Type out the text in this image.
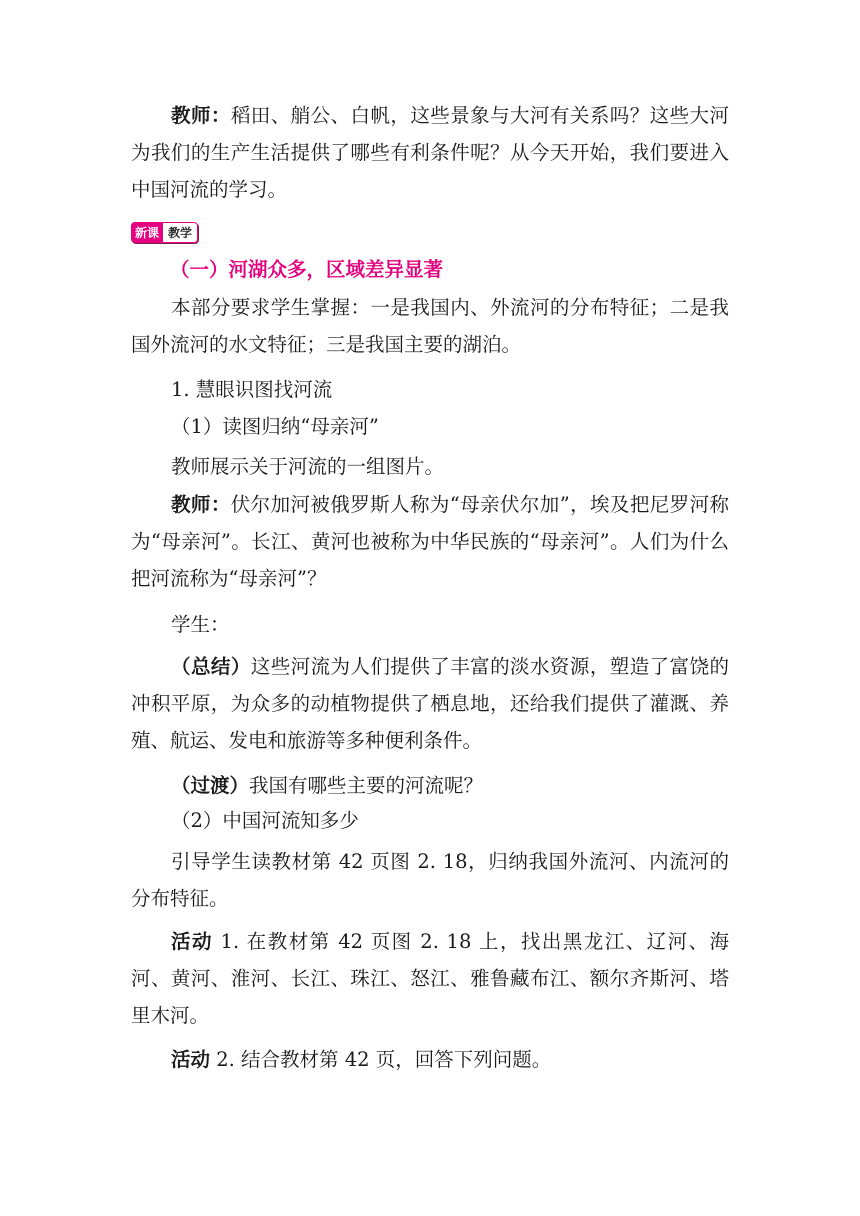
教师：稻田、艄公、白帆，这些景象与大河有关系吗？这些大河为我们的生产生活提供了哪些有利条件呢？从今天开始，我们要进入中国河流的学习。

新课 教学
（一）河湖众多，区域差异显著

本部分要求学生掌握：一是我国内、外流河的分布特征；二是我国外流河的水文特征；三是我国主要的湖泊。

1. 慧眼识图找河流

（1）读图归纳“母亲河”

教师展示关于河流的一组图片。

教师：伏尔加河被俄罗斯人称为“母亲伏尔加”，埃及把尼罗河称为“母亲河”。长江、黄河也被称为中华民族的“母亲河”。人们为什么把河流称为“母亲河”？

学生：

（总结）这些河流为人们提供了丰富的淡水资源，塑造了富饶的冲积平原，为众多的动植物提供了栖息地，还给我们提供了灌溉、养殖、航运、发电和旅游等多种便利条件。

（过渡）我国有哪些主要的河流呢？

（2）中国河流知多少

引导学生读教材第 42 页图 2. 18，归纳我国外流河、内流河的分布特征。

活动 1. 在教材第 42 页图 2. 18 上，找出黑龙江、辽河、海河、黄河、淮河、长江、珠江、怒江、雅鲁藏布江、额尔齐斯河、塔里木河。

活动 2. 结合教材第 42 页，回答下列问题。
